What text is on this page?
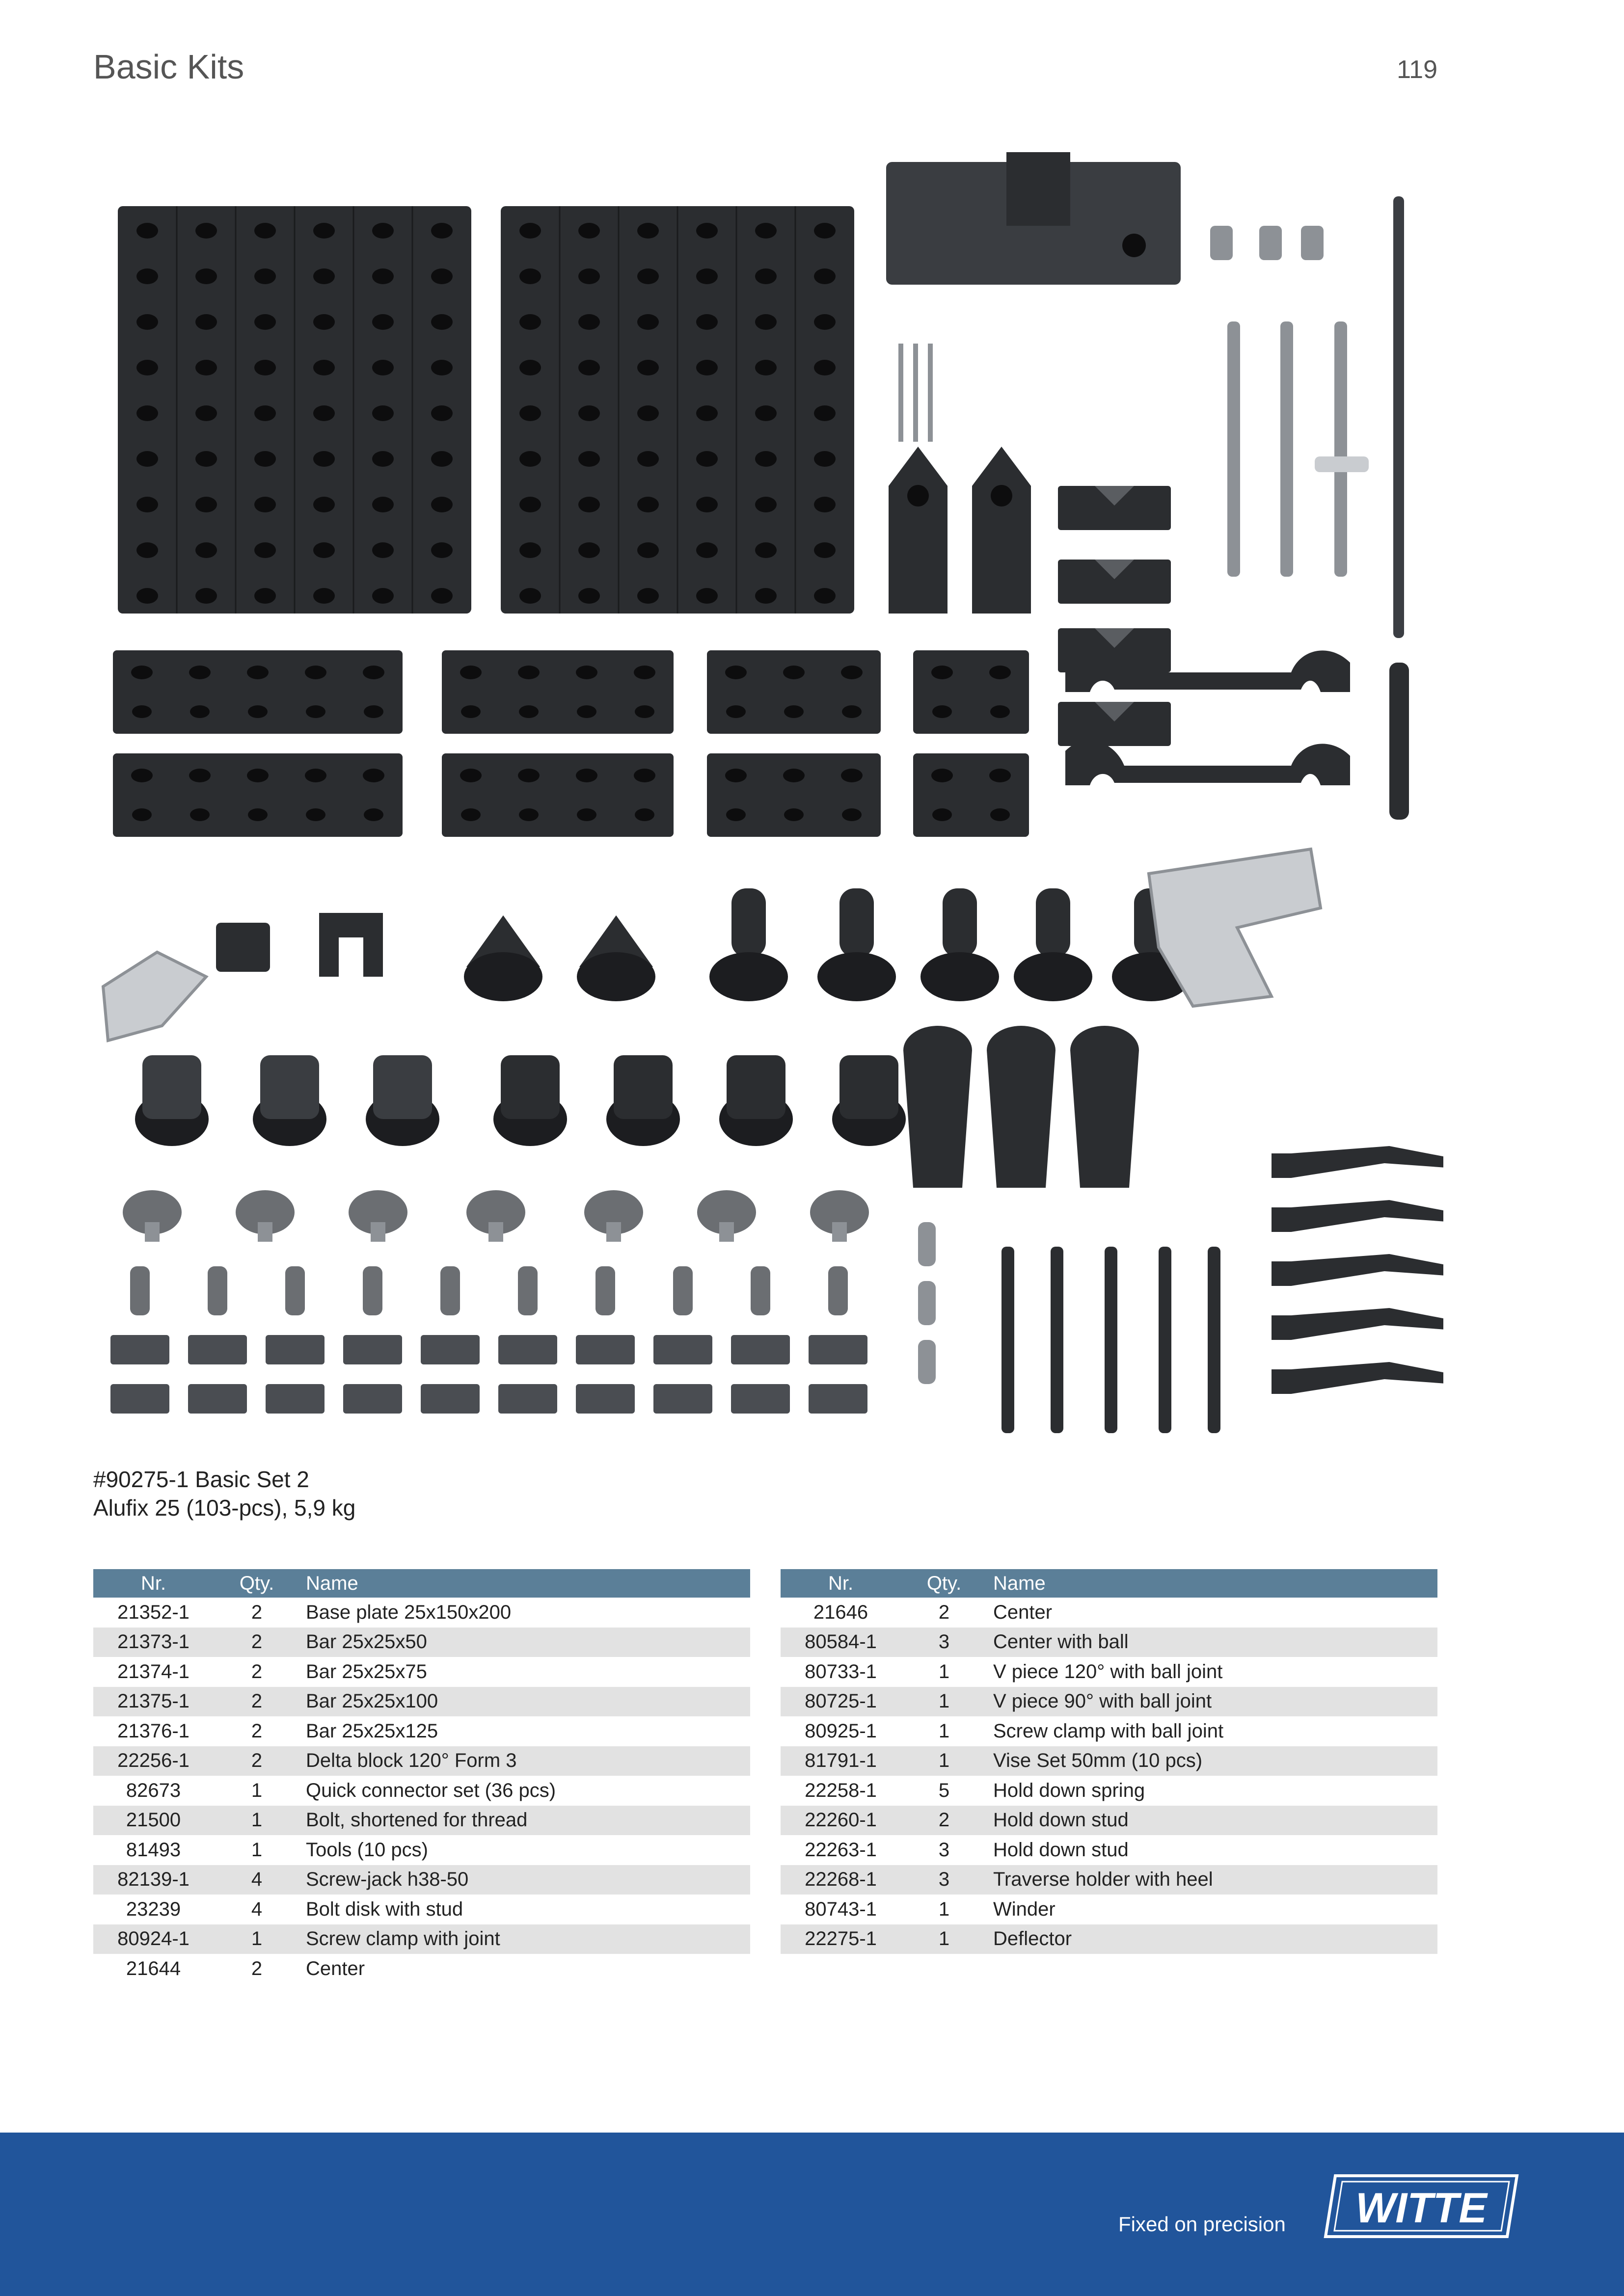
Basic Kits	119
#90275-1 Basic Set 2
Alufix 25 (103-pcs), 5,9 kg
Nr.	Qty.	Name
21352-1	2	Base plate 25x150x200
21373-1	2	Bar 25x25x50
21374-1	2	Bar 25x25x75
21375-1	2	Bar 25x25x100
21376-1	2	Bar 25x25x125
22256-1	2	Delta block 120° Form 3
82673	1	Quick connector set (36 pcs)
21500	1	Bolt, shortened for thread
81493	1	Tools (10 pcs)
82139-1	4	Screw-jack h38-50
23239	4	Bolt disk with stud
80924-1	1	Screw clamp with joint
21644	2	Center
Nr.	Qty.	Name
21646	2	Center
80584-1	3	Center with ball
80733-1	1	V piece 120° with ball joint
80725-1	1	V piece 90° with ball joint
80925-1	1	Screw clamp with ball joint
81791-1	1	Vise Set 50mm (10 pcs)
22258-1	5	Hold down spring
22260-1	2	Hold down stud
22263-1	3	Hold down stud
22268-1	3	Traverse holder with heel
80743-1	1	Winder
22275-1	1	Deflector
Fixed on precision WITTE
